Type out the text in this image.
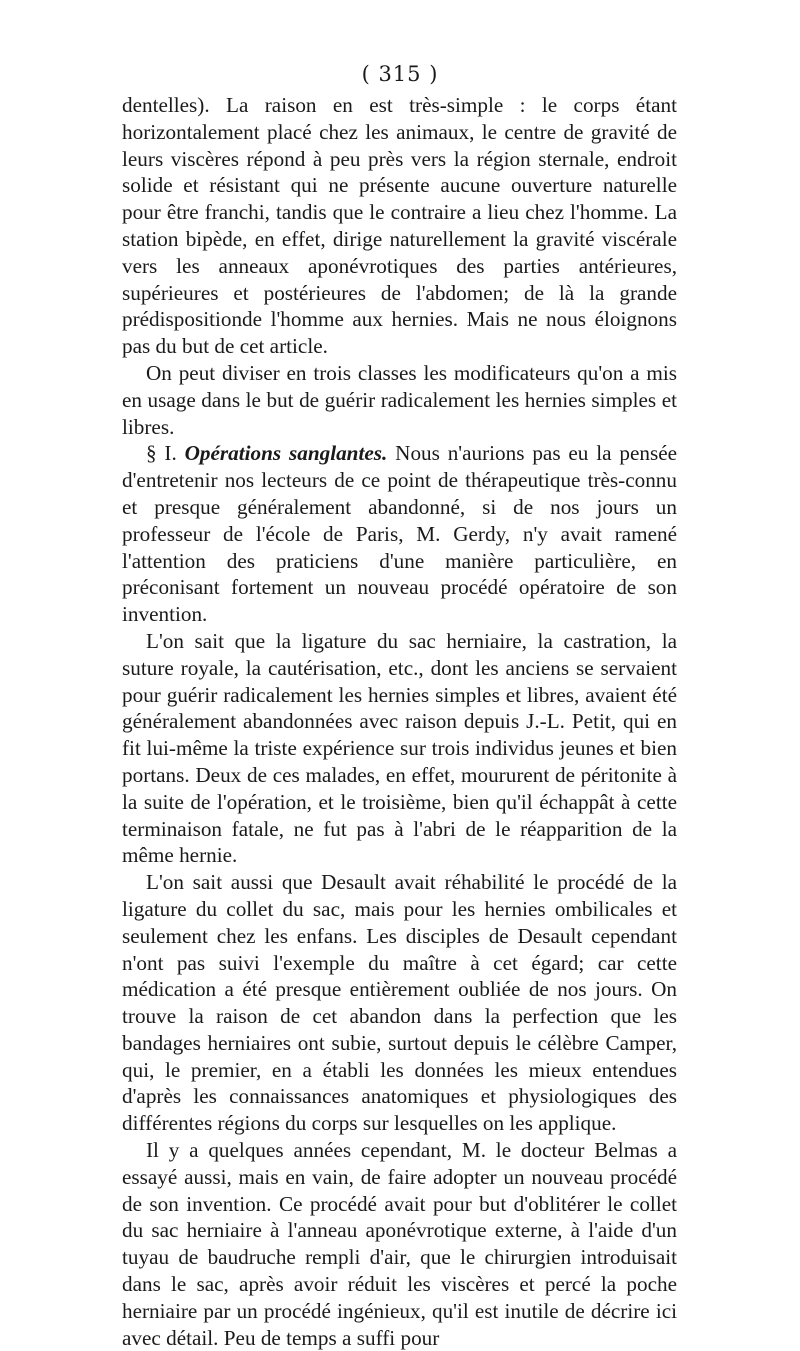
( 315 )

dentelles). La raison en est très-simple : le corps étant horizontalement placé chez les animaux, le centre de gravité de leurs viscères répond à peu près vers la région sternale, endroit solide et résistant qui ne présente aucune ouverture naturelle pour être franchi, tandis que le contraire a lieu chez l'homme. La station bipède, en effet, dirige naturellement la gravité viscérale vers les anneaux aponévrotiques des parties antérieures, supérieures et postérieures de l'abdomen; de là la grande prédispositionde l'homme aux hernies. Mais ne nous éloignons pas du but de cet article.

On peut diviser en trois classes les modificateurs qu'on a mis en usage dans le but de guérir radicalement les hernies simples et libres.

§ I. Opérations sanglantes. Nous n'aurions pas eu la pensée d'entretenir nos lecteurs de ce point de thérapeutique très-connu et presque généralement abandonné, si de nos jours un professeur de l'école de Paris, M. Gerdy, n'y avait ramené l'attention des praticiens d'une manière particulière, en préconisant fortement un nouveau procédé opératoire de son invention.

L'on sait que la ligature du sac herniaire, la castration, la suture royale, la cautérisation, etc., dont les anciens se servaient pour guérir radicalement les hernies simples et libres, avaient été généralement abandonnées avec raison depuis J.-L. Petit, qui en fit lui-même la triste expérience sur trois individus jeunes et bien portans. Deux de ces malades, en effet, moururent de péritonite à la suite de l'opération, et le troisième, bien qu'il échappât à cette terminaison fatale, ne fut pas à l'abri de le réapparition de la même hernie.

L'on sait aussi que Desault avait réhabilité le procédé de la ligature du collet du sac, mais pour les hernies ombilicales et seulement chez les enfans. Les disciples de Desault cependant n'ont pas suivi l'exemple du maître à cet égard; car cette médication a été presque entièrement oubliée de nos jours. On trouve la raison de cet abandon dans la perfection que les bandages herniaires ont subie, surtout depuis le célèbre Camper, qui, le premier, en a établi les données les mieux entendues d'après les connaissances anatomiques et physiologiques des différentes régions du corps sur lesquelles on les applique.

Il y a quelques années cependant, M. le docteur Belmas a essayé aussi, mais en vain, de faire adopter un nouveau procédé de son invention. Ce procédé avait pour but d'oblitérer le collet du sac herniaire à l'anneau aponévrotique externe, à l'aide d'un tuyau de baudruche rempli d'air, que le chirurgien introduisait dans le sac, après avoir réduit les viscères et percé la poche herniaire par un procédé ingénieux, qu'il est inutile de décrire ici avec détail. Peu de temps a suffi pour
